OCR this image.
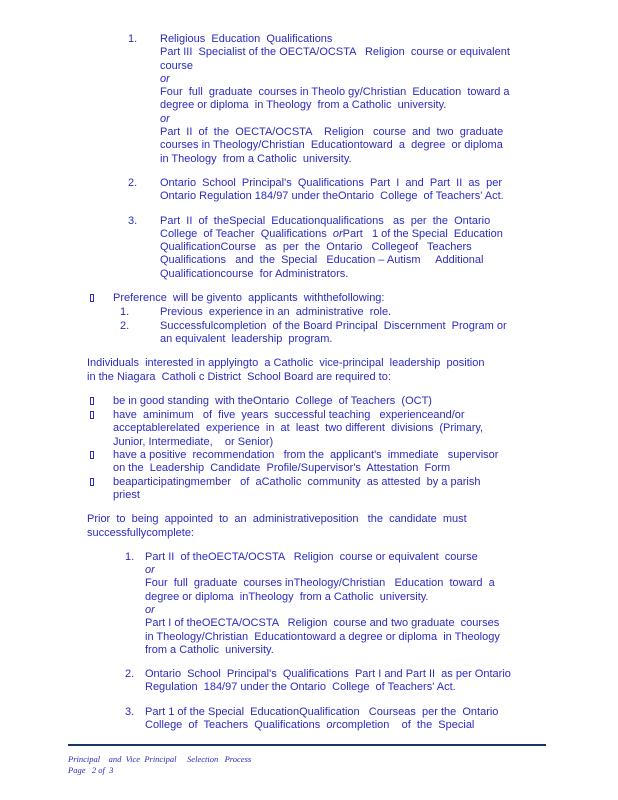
1.	Religious  Education  Qualifications
Part III  Specialist of the OECTA/OCSTA   Religion  course or equivalent
course
or
Four  full  graduate  courses in Theolo gy/Christian  Education  toward a
degree or diploma  in Theology  from a Catholic  university.
or
Part  II  of  the  OECTA/OCSTA    Religion   course  and  two  graduate
courses in Theology/Christian  Educationtoward  a  degree  or diploma
in Theology  from a Catholic  university.
2.	Ontario  School  Principal's  Qualifications  Part  I  and  Part  II  as  per
Ontario Regulation 184/97 under theOntario  College  of Teachers' Act.
3.	Part  II  of  theSpecial  Educationqualifications   as  per  the  Ontario
College  of Teacher  Qualifications  orPart   1 of the Special  Education
QualificationCourse   as  per  the  Ontario   Collegeof   Teachers
Qualifications   and  the  Special   Education – Autism     Additional
Qualificationcourse  for Administrators.
Preference  will be givento  applicants  withthefollowing:
1.	Previous  experience in an  administrative  role.
2.	Successfulcompletion  of the Board Principal  Discernment  Program or
an equivalent  leadership  program.
Individuals  interested in applyingto  a Catholic  vice-principal  leadership  position
in the Niagara  Catholi c District  School Board are required to:
be in good standing  with theOntario  College  of Teachers  (OCT)
have  aminimum   of  five  years  successful teaching   experienceand/or
acceptablerelated  experience  in  at  least  two different  divisions  (Primary,
Junior, Intermediate,    or Senior)
have a positive  recommendation   from the  applicant's  immediate   supervisor
on the  Leadership  Candidate  Profile/Supervisor's  Attestation  Form
beaparticipatingmember   of  aCatholic  community  as attested  by a parish
priest
Prior  to  being  appointed  to  an  administrativeposition   the  candidate  must
successfullycomplete:
1. Part II  of theOECTA/OCSTA   Religion  course or equivalent  course
or
Four  full  graduate  courses inTheology/Christian   Education  toward  a
degree or diploma  inTheology  from a Catholic  university.
or
Part I of theOECTA/OCSTA   Religion  course and two graduate  courses
in Theology/Christian  Educationtoward a degree or diploma  in Theology
from a Catholic  university.
2. Ontario  School  Principal's  Qualifications  Part I and Part II  as per Ontario
Regulation  184/97 under the Ontario  College  of Teachers' Act.
3. Part 1 of the Special  EducationQualification   Courseas  per the  Ontario
College  of  Teachers  Qualifications  orcompletion    of  the  Special
Principal    and  Vice  Principal     Selection   Process
Page   2 of  3
